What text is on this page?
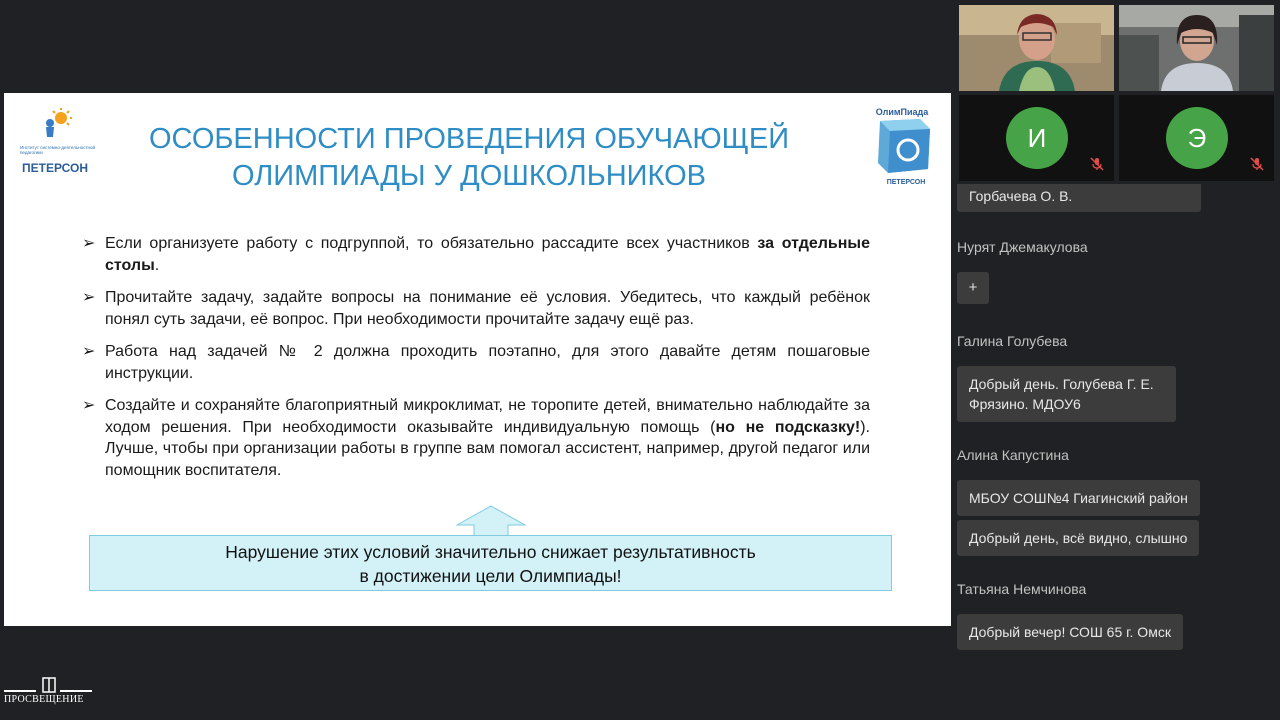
Институт системно-деятельностной педагогики
ПЕТЕРСОН
ОСОБЕННОСТИ ПРОВЕДЕНИЯ ОБУЧАЮЩЕЙ
ОЛИМПИАДЫ У ДОШКОЛЬНИКОВ
ОлимПиада
ПЕТЕРСОН
➢ Если организуете работу с подгруппой, то обязательно рассадите всех участников за отдельные столы.
➢ Прочитайте задачу, задайте вопросы на понимание её условия. Убедитесь, что каждый ребёнок понял суть задачи, её вопрос. При необходимости прочитайте задачу ещё раз.
➢ Работа над задачей № 2 должна проходить поэтапно, для этого давайте детям пошаговые инструкции.
➢ Создайте и сохраняйте благоприятный микроклимат, не торопите детей, внимательно наблюдайте за ходом решения. При необходимости оказывайте индивидуальную помощь (но не подсказку!). Лучше, чтобы при организации работы в группе вам помогал ассистент, например, другой педагог или помощник воспитателя.
Нарушение этих условий значительно снижает результативность
в достижении цели Олимпиады!
И	Э
Горбачева О. В.
Нурят Джемакулова
+
Галина Голубева
Добрый день. Голубева Г. Е. Фрязино. МДОУ6
Алина Капустина
МБОУ СОШ№4 Гиагинский район
Добрый день, всё видно, слышно
Татьяна Немчинова
Добрый вечер! СОШ 65 г. Омск
ПРОСВЕЩЕНИЕ
